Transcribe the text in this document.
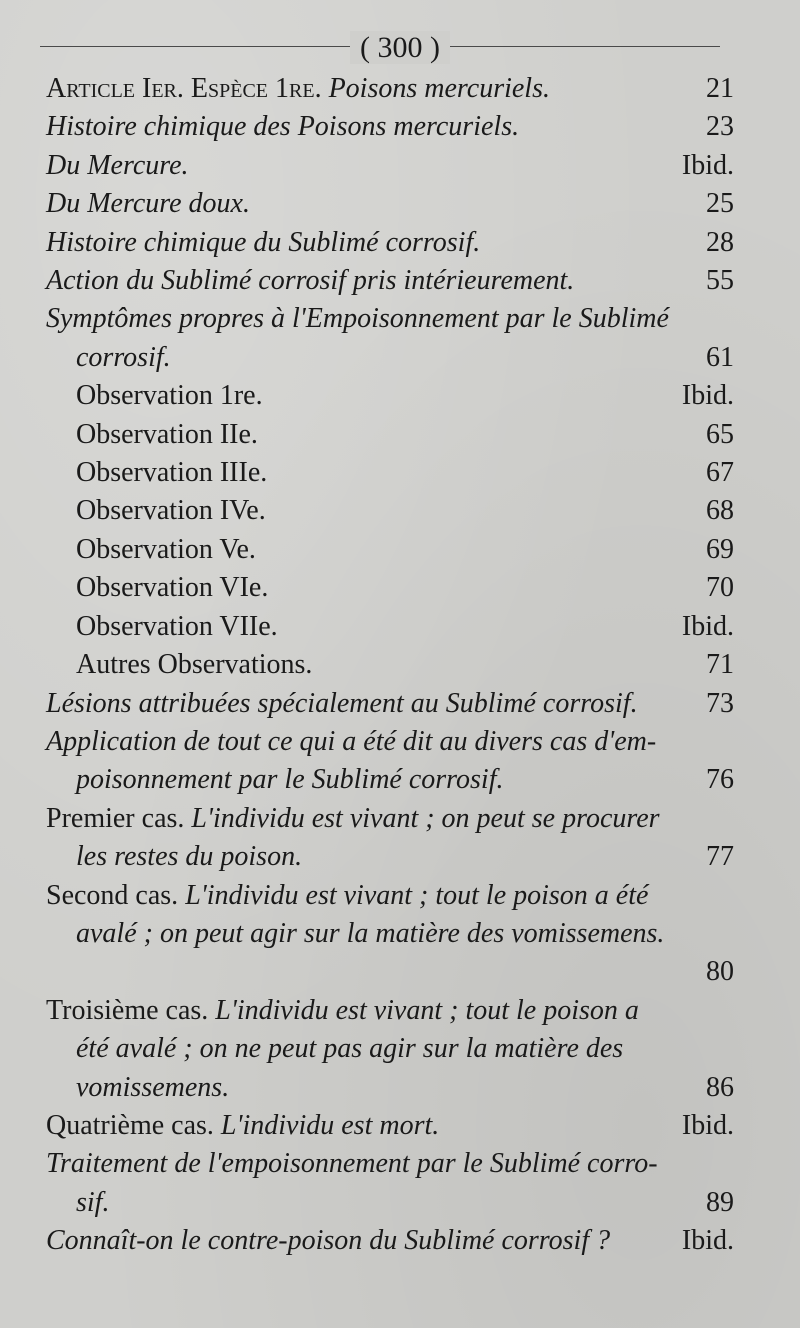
( 300 )
Article Ier. Espèce 1re. Poisons mercuriels.	21
Histoire chimique des Poisons mercuriels.	23
Du Mercure.	Ibid.
Du Mercure doux.	25
Histoire chimique du Sublimé corrosif.	28
Action du Sublimé corrosif pris intérieurement.	55
Symptômes propres à l'Empoisonnement par le Sublimé
corrosif.	61
Observation 1re.	Ibid.
Observation IIe.	65
Observation IIIe.	67
Observation IVe.	68
Observation Ve.	69
Observation VIe.	70
Observation VIIe.	Ibid.
Autres Observations.	71
Lésions attribuées spécialement au Sublimé corrosif. 73
Application de tout ce qui a été dit au divers cas d'em-
poisonnement par le Sublimé corrosif.	76
Premier cas. L'individu est vivant ; on peut se procurer
les restes du poison.	77
Second cas. L'individu est vivant ; tout le poison a été
avalé ; on peut agir sur la matière des vomissemens.
80
Troisième cas. L'individu est vivant ; tout le poison a
été avalé ; on ne peut pas agir sur la matière des
vomissemens.	86
Quatrième cas. L'individu est mort.	Ibid.
Traitement de l'empoisonnement par le Sublimé corro-
sif.	89
Connaît-on le contre-poison du Sublimé corrosif ?	Ibid.
